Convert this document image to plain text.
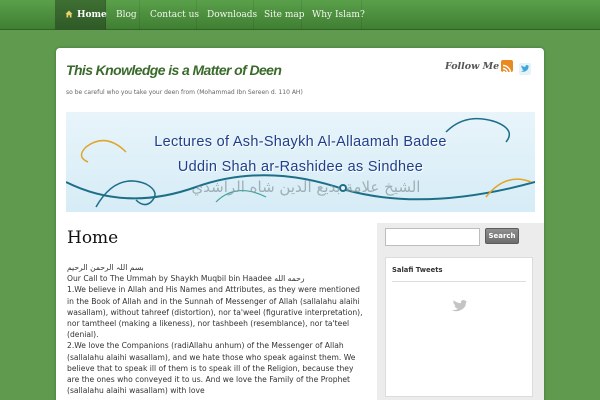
Home	Blog	Contact us Downloads Site map Why Islam?
This Knowledge is a Matter of Deen
so be careful who you take your deen from (Mohammad Ibn Sereen d. 110 AH)
Follow Me
Lectures of Ash-Shaykh Al-Allaamah Badee
Uddin Shah ar-Rashidee as Sindhee
الشيخ علامة بديع الدين شاه الراشدي
Home
بسم اللہ الرحمن الرحیم

Our Call to The Ummah by Shaykh Muqbil bin Haadee رحمه الله

1.We believe in Allah and His Names and Attributes, as they were mentioned in the Book of Allah and in the Sunnah of Messenger of Allah (sallalahu alaihi wasallam), without tahreef (distortion), nor ta'weel (figurative interpretation), nor tamtheel (making a likeness), nor tashbeeh (resemblance), nor ta'teel (denial).

2.We love the Companions (radiAllahu anhum) of the Messenger of Allah (sallalahu alaihi wasallam), and we hate those who speak against them. We believe that to speak ill of them is to speak ill of the Religion, because they are the ones who conveyed it to us. And we love the Family of the Prophet (sallalahu alaihi wasallam) with love

Search
Salafi Tweets
